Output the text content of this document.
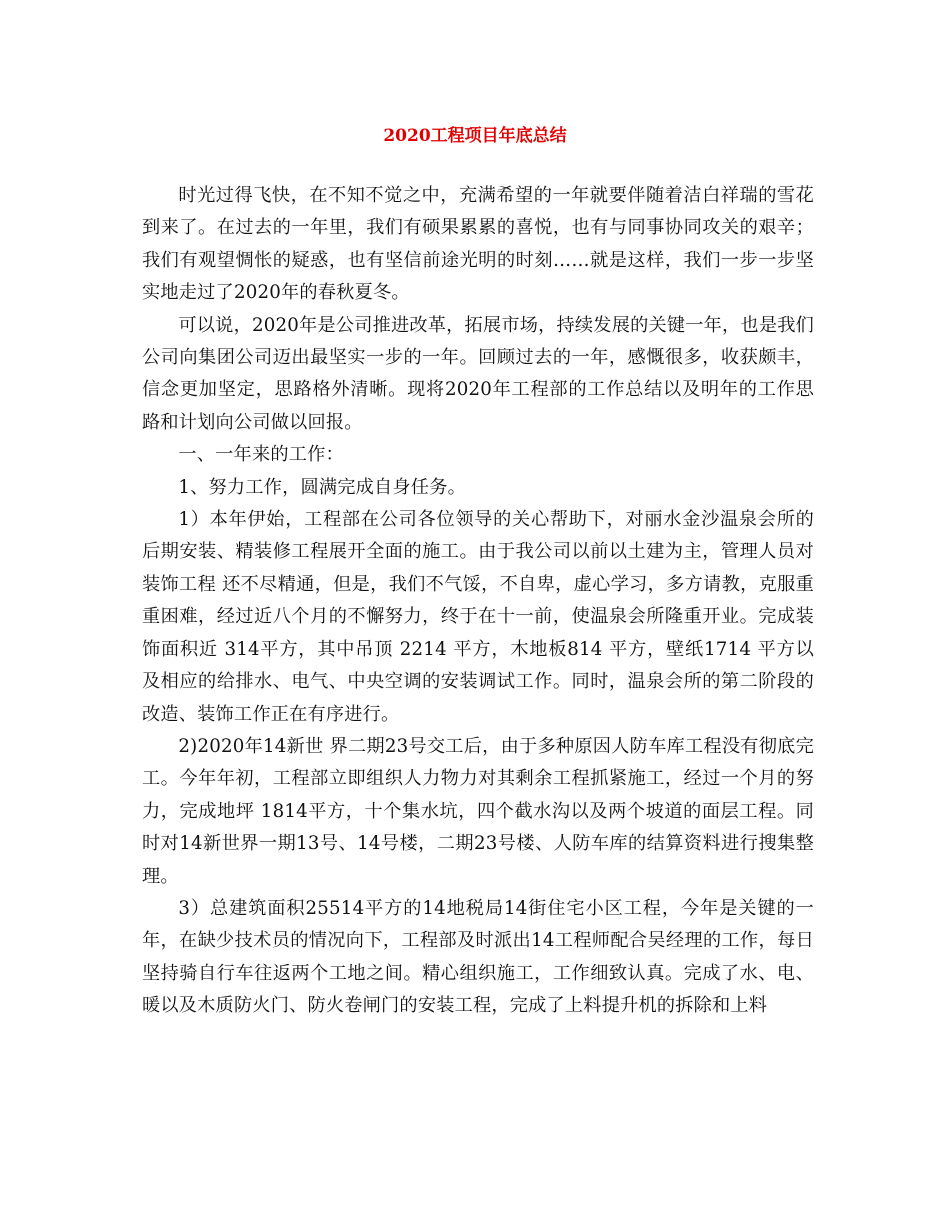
2020工程项目年底总结

时光过得飞快，在不知不觉之中，充满希望的一年就要伴随着洁白祥瑞的雪花到来了。在过去的一年里，我们有硕果累累的喜悦，也有与同事协同攻关的艰辛；我们有观望惆怅的疑惑，也有坚信前途光明的时刻……就是这样，我们一步一步坚实地走过了2020年的春秋夏冬。

可以说，2020年是公司推进改革，拓展市场，持续发展的关键一年，也是我们公司向集团公司迈出最坚实一步的一年。回顾过去的一年，感慨很多，收获颇丰，信念更加坚定，思路格外清晰。现将2020年工程部的工作总结以及明年的工作思路和计划向公司做以回报。

一、一年来的工作：

1、努力工作，圆满完成自身任务。

1）本年伊始，工程部在公司各位领导的关心帮助下，对丽水金沙温泉会所的后期安装、精装修工程展开全面的施工。由于我公司以前以土建为主，管理人员对装饰工程 还不尽精通，但是，我们不气馁，不自卑，虚心学习，多方请教，克服重重困难，经过近八个月的不懈努力，终于在十一前，使温泉会所隆重开业。完成装饰面积近 314平方，其中吊顶 2214 平方，木地板814 平方，壁纸1714 平方以及相应的给排水、电气、中央空调的安装调试工作。同时，温泉会所的第二阶段的改造、装饰工作正在有序进行。

2)2020年14新世 界二期23号交工后，由于多种原因人防车库工程没有彻底完工。今年年初，工程部立即组织人力物力对其剩余工程抓紧施工，经过一个月的努力，完成地坪 1814平方，十个集水坑，四个截水沟以及两个坡道的面层工程。同时对14新世界一期13号、14号楼，二期23号楼、人防车库的结算资料进行搜集整理。

3）总建筑面积25514平方的14地税局14街住宅小区工程，今年是关键的一年，在缺少技术员的情况向下，工程部及时派出14工程师配合吴经理的工作，每日 坚持骑自行车往返两个工地之间。精心组织施工，工作细致认真。完成了水、电、暖以及木质防火门、防火卷闸门的安装工程，完成了上料提升机的拆除和上料
